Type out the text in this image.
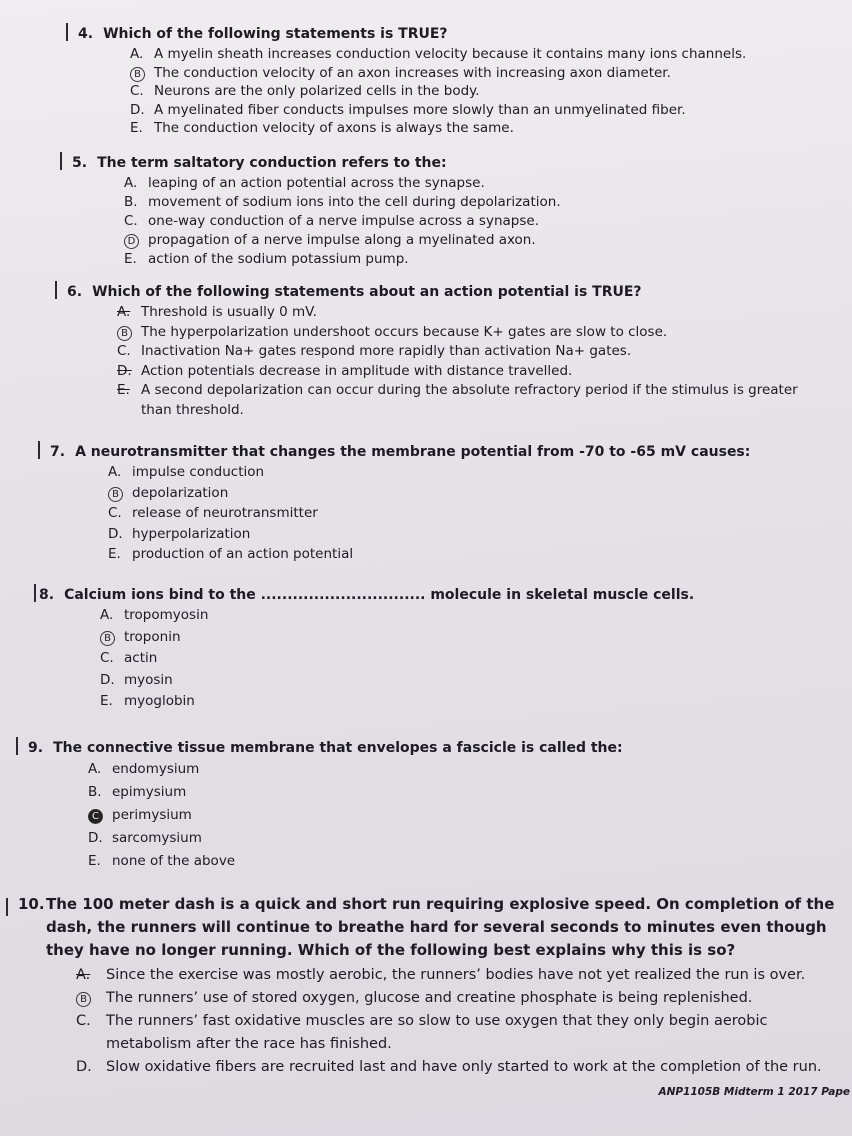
4. Which of the following statements is TRUE?
A. A myelin sheath increases conduction velocity because it contains many ions channels.
B The conduction velocity of an axon increases with increasing axon diameter.
C. Neurons are the only polarized cells in the body.
D. A myelinated fiber conducts impulses more slowly than an unmyelinated fiber.
E. The conduction velocity of axons is always the same.
5. The term saltatory conduction refers to the:
A. leaping of an action potential across the synapse.
B. movement of sodium ions into the cell during depolarization.
C. one-way conduction of a nerve impulse across a synapse.
D propagation of a nerve impulse along a myelinated axon.
E. action of the sodium potassium pump.
6. Which of the following statements about an action potential is TRUE?
A. Threshold is usually 0 mV.
B The hyperpolarization undershoot occurs because K+ gates are slow to close.
C. Inactivation Na+ gates respond more rapidly than activation Na+ gates.
D. Action potentials decrease in amplitude with distance travelled.
E. A second depolarization can occur during the absolute refractory period if the stimulus is greater than threshold.
7. A neurotransmitter that changes the membrane potential from -70 to -65 mV causes:
A. impulse conduction
B depolarization
C. release of neurotransmitter
D. hyperpolarization
E. production of an action potential
8. Calcium ions bind to the ............................... molecule in skeletal muscle cells.
A. tropomyosin
B troponin
C. actin
D. myosin
E. myoglobin
9. The connective tissue membrane that envelopes a fascicle is called the:
A. endomysium
B. epimysium
C perimysium
D. sarcomysium
E. none of the above
10. The 100 meter dash is a quick and short run requiring explosive speed. On completion of the dash, the runners will continue to breathe hard for several seconds to minutes even though they have no longer running. Which of the following best explains why this is so?
A.	Since the exercise was mostly aerobic, the runners’ bodies have not yet realized the run is over.
B	The runners’ use of stored oxygen, glucose and creatine phosphate is being replenished.
C.	The runners’ fast oxidative muscles are so slow to use oxygen that they only begin aerobic metabolism after the race has finished.
D. Slow oxidative fibers are recruited last and have only started to work at the completion of the run.
ANP1105B Midterm 1 2017 Pape
